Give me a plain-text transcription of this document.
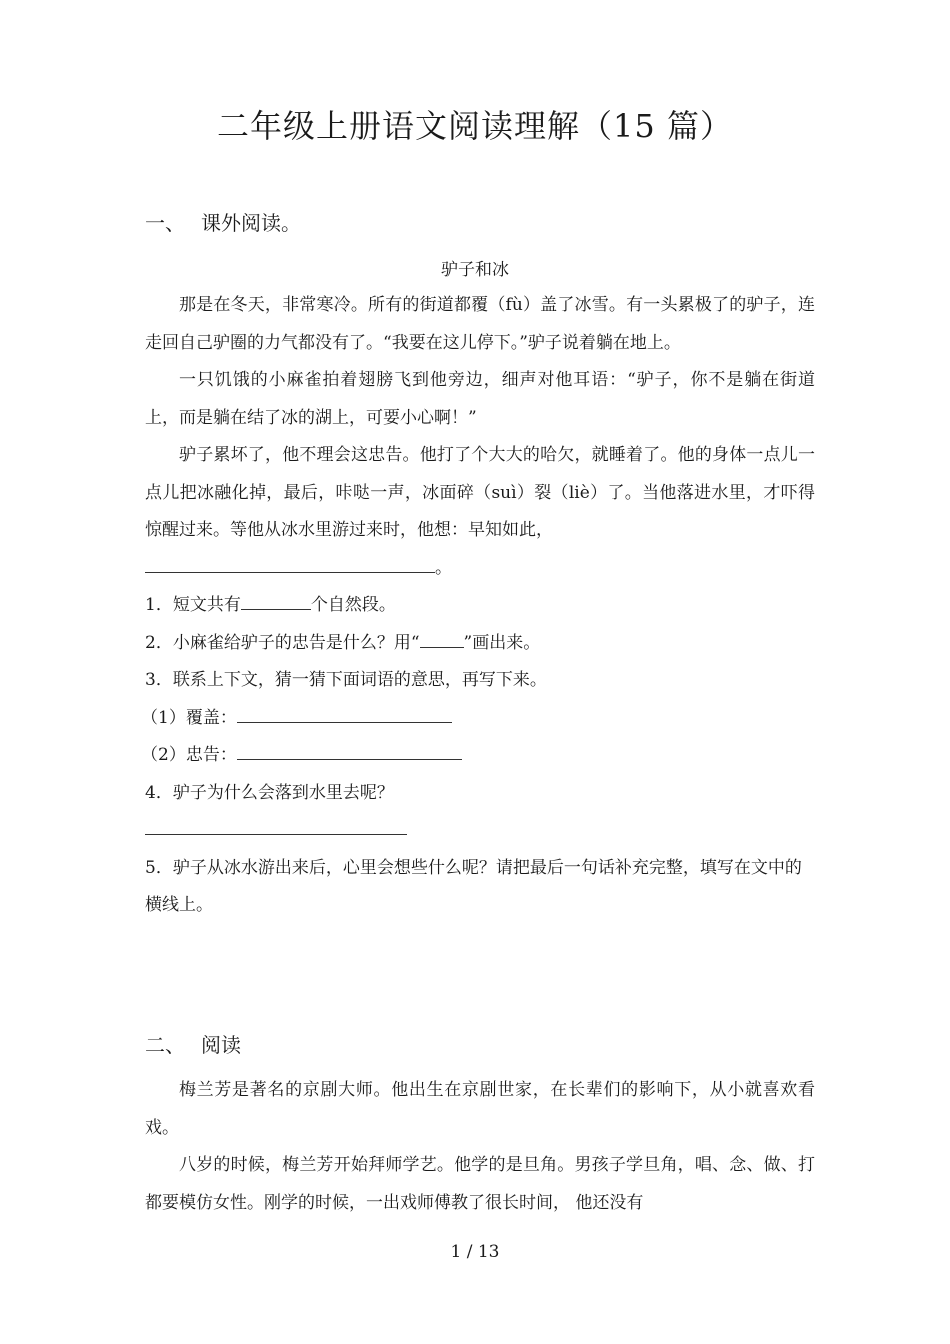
二年级上册语文阅读理解（15 篇）
一、 课外阅读。
驴子和冰

那是在冬天，非常寒冷。所有的街道都覆（fù）盖了冰雪。有一头累极了的驴子，连走回自己驴圈的力气都没有了。“我要在这儿停下。”驴子说着躺在地上。

一只饥饿的小麻雀拍着翅膀飞到他旁边，细声对他耳语：“驴子，你不是躺在街道上，而是躺在结了冰的湖上，可要小心啊！”

驴子累坏了，他不理会这忠告。他打了个大大的哈欠，就睡着了。他的身体一点儿一点儿把冰融化掉，最后，咔哒一声，冰面碎（suì）裂（liè）了。当他落进水里，才吓得惊醒过来。等他从冰水里游过来时，他想：早知如此，

。

1．短文共有	个自然段。

2．小麻雀给驴子的忠告是什么？用“	”画出来。

3．联系上下文，猜一猜下面词语的意思，再写下来。

（1）覆盖：

（2）忠告：

4．驴子为什么会落到水里去呢？

5．驴子从冰水游出来后，心里会想些什么呢？请把最后一句话补充完整，填写在文中的横线上。

二、 阅读

梅兰芳是著名的京剧大师。他出生在京剧世家，在长辈们的影响下，从小就喜欢看戏。

八岁的时候，梅兰芳开始拜师学艺。他学的是旦角。男孩子学旦角，唱、念、做、打都要模仿女性。刚学的时候，一出戏师傅教了很长时间， 他还没有

1 / 13
